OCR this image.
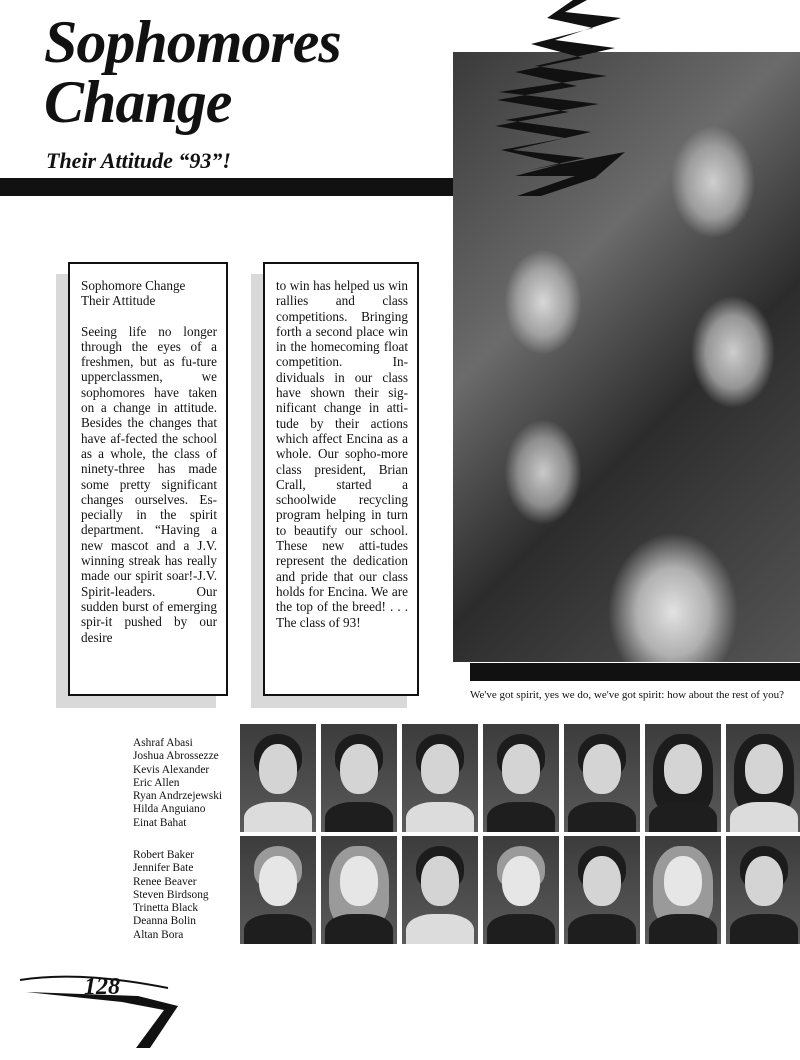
Sophomores
Change

Their Attitude “93”!

Sophomore Change
Their Attitude

Seeing life no longer through the eyes of a freshmen, but as fu-ture upperclassmen, we sophomores have taken on a change in attitude. Besides the changes that have af-fected the school as a whole, the class of ninety-three has made some pretty significant changes ourselves. Es-pecially in the spirit department. “Having a new mascot and a J.V. winning streak has really made our spirit soar!-J.V. Spirit-leaders. Our sudden burst of emerging spir-it pushed by our desire

to win has helped us win rallies and class competitions. Bringing forth a second place win in the homecoming float competition. In-dividuals in our class have shown their sig-nificant change in atti-tude by their actions which affect Encina as a whole. Our sopho-more class president, Brian Crall, started a schoolwide recycling program helping in turn to beautify our school. These new atti-tudes represent the dedication and pride that our class holds for Encina. We are the top of the breed! . . . The class of 93!

We've got spirit, yes we do, we've got spirit: how about the rest of you?

Ashraf Abasi
Joshua Abrossezze
Kevis Alexander
Eric Allen
Ryan Andrzejewski
Hilda Anguiano
Einat Bahat
Robert Baker
Jennifer Bate
Renee Beaver
Steven Birdsong
Trinetta Black
Deanna Bolin
Altan Bora

128
